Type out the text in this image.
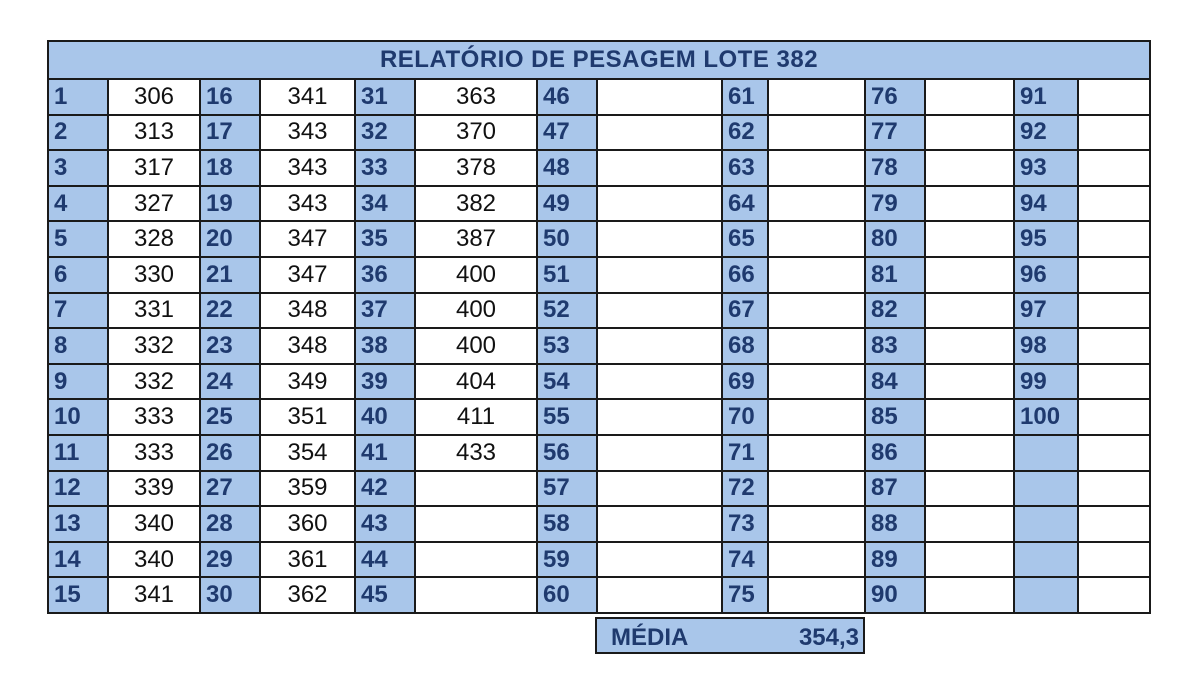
RELATÓRIO DE PESAGEM LOTE 382													
1	306	16	341	31	363	46		61		76		91	
2	313	17	343	32	370	47		62		77		92	
3	317	18	343	33	378	48		63		78		93	
4	327	19	343	34	382	49		64		79		94	
5	328	20	347	35	387	50		65		80		95	
6	330	21	347	36	400	51		66		81		96	
7	331	22	348	37	400	52		67		82		97	
8	332	23	348	38	400	53		68		83		98	
9	332	24	349	39	404	54		69		84		99	
10	333	25	351	40	411	55		70		85		100	
11	333	26	354	41	433	56		71		86			
12	339	27	359	42		57		72		87			
13	340	28	360	43		58		73		88			
14	340	29	361	44		59		74		89			
15	341	30	362	45		60		75		90			
MÉDIA	354,3
